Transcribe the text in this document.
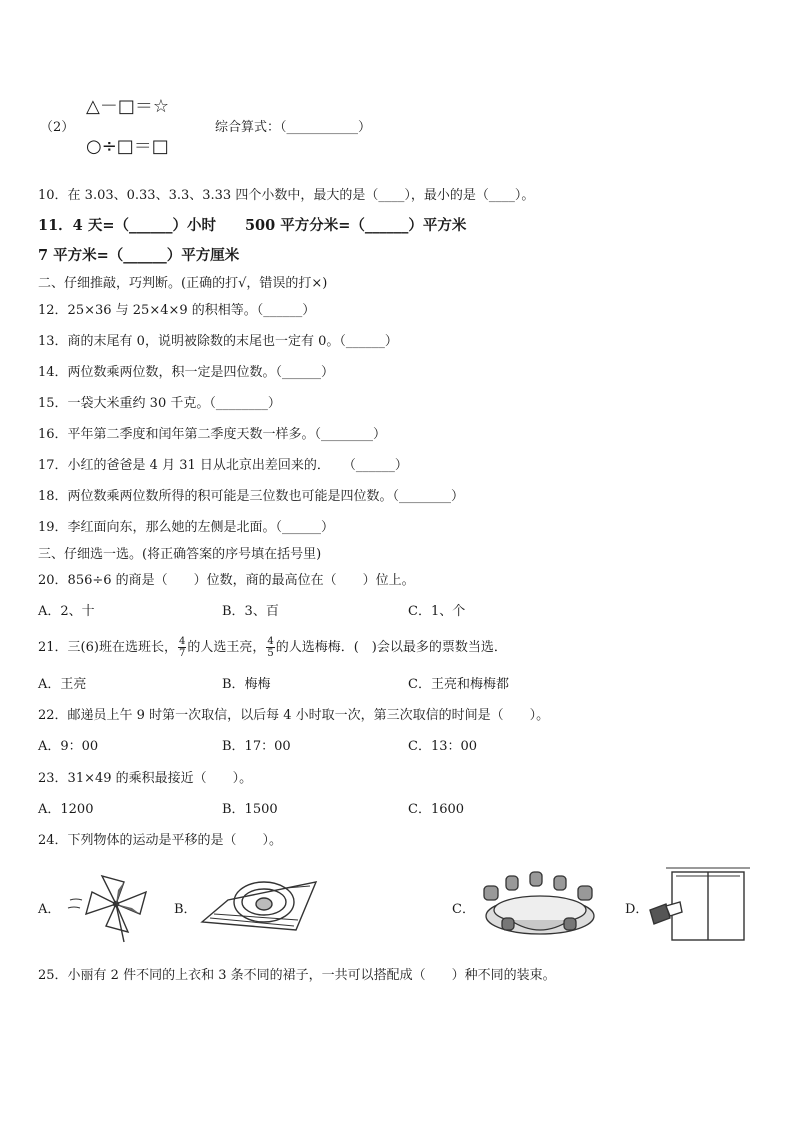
（2）
△－□＝☆
○÷□＝□
综合算式：（___________）
10．在 3.03、0.33、3.3、3.33 四个小数中，最大的是（____），最小的是（____）。
11．4 天=（______）小时　　500 平方分米=（______）平方米
7 平方米=（______）平方厘米
二、仔细推敲，巧判断。(正确的打√，错误的打×)
12．25×36 与 25×4×9 的积相等。（______）
13．商的末尾有 0，说明被除数的末尾也一定有 0。（______）
14．两位数乘两位数，积一定是四位数。（______）
15．一袋大米重约 30 千克。（________）
16．平年第二季度和闰年第二季度天数一样多。（________）
17．小红的爸爸是 4 月 31 日从北京出差回来的．　　（______）
18．两位数乘两位数所得的积可能是三位数也可能是四位数。（________）
19．李红面向东，那么她的左侧是北面。（______）
三、仔细选一选。(将正确答案的序号填在括号里)
20．856÷6 的商是（　　）位数，商的最高位在（　　）位上。
A．2、十	B．3、百	C．1、个
21．三(6)班在选班长， $\frac{4}{7}$ 的人选王亮， $\frac{4}{5}$ 的人选梅梅．(　)会以最多的票数当选．
A．王亮	B．梅梅	C．王亮和梅梅都
22．邮递员上午 9 时第一次取信，以后每 4 小时取一次，第三次取信的时间是（　　）。
A．9：00	B．17：00	C．13：00
23．31×49 的乘积最接近（　　）。
A．1200	B．1500	C．1600
24．下列物体的运动是平移的是（　　）。
A．	B．	C．	D．
25．小丽有 2 件不同的上衣和 3 条不同的裙子，一共可以搭配成（　　）种不同的装束。
